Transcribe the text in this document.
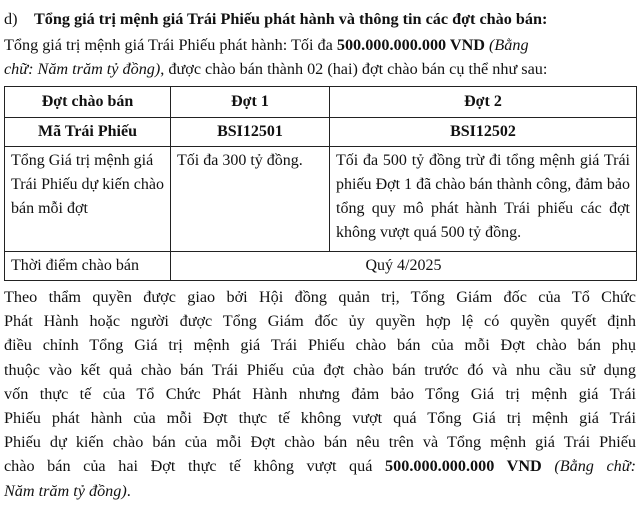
d) Tổng giá trị mệnh giá Trái Phiếu phát hành và thông tin các đợt chào bán:
Tổng giá trị mệnh giá Trái Phiếu phát hành: Tối đa 500.000.000.000 VND (Bằng
chữ: Năm trăm tỷ đồng), được chào bán thành 02 (hai) đợt chào bán cụ thể như sau:
Đợt chào bán	Đợt 1	Đợt 2
Mã Trái Phiếu	BSI12501	BSI12502
Tổng Giá trị mệnh giá Trái Phiếu dự kiến chào bán mỗi đợt	Tối đa 300 tỷ đồng.	Tối đa 500 tỷ đồng trừ đi tổng mệnh giá Trái phiếu Đợt 1 đã chào bán thành công, đảm bảo tổng quy mô phát hành Trái phiếu các đợt không vượt quá 500 tỷ đồng.
Thời điểm chào bán	Quý 4/2025	
Theo thẩm quyền được giao bởi Hội đồng quản trị, Tổng Giám đốc của Tổ Chức
Phát Hành hoặc người được Tổng Giám đốc ủy quyền hợp lệ có quyền quyết định
điều chỉnh Tổng Giá trị mệnh giá Trái Phiếu chào bán của mỗi Đợt chào bán phụ
thuộc vào kết quả chào bán Trái Phiếu của đợt chào bán trước đó và nhu cầu sử dụng
vốn thực tế của Tổ Chức Phát Hành nhưng đảm bảo Tổng Giá trị mệnh giá Trái
Phiếu phát hành của mỗi Đợt thực tế không vượt quá Tổng Giá trị mệnh giá Trái
Phiếu dự kiến chào bán của mỗi Đợt chào bán nêu trên và Tổng mệnh giá Trái Phiếu
chào bán của hai Đợt thực tế không vượt quá 500.000.000.000 VND (Bằng chữ:
Năm trăm tỷ đồng).
